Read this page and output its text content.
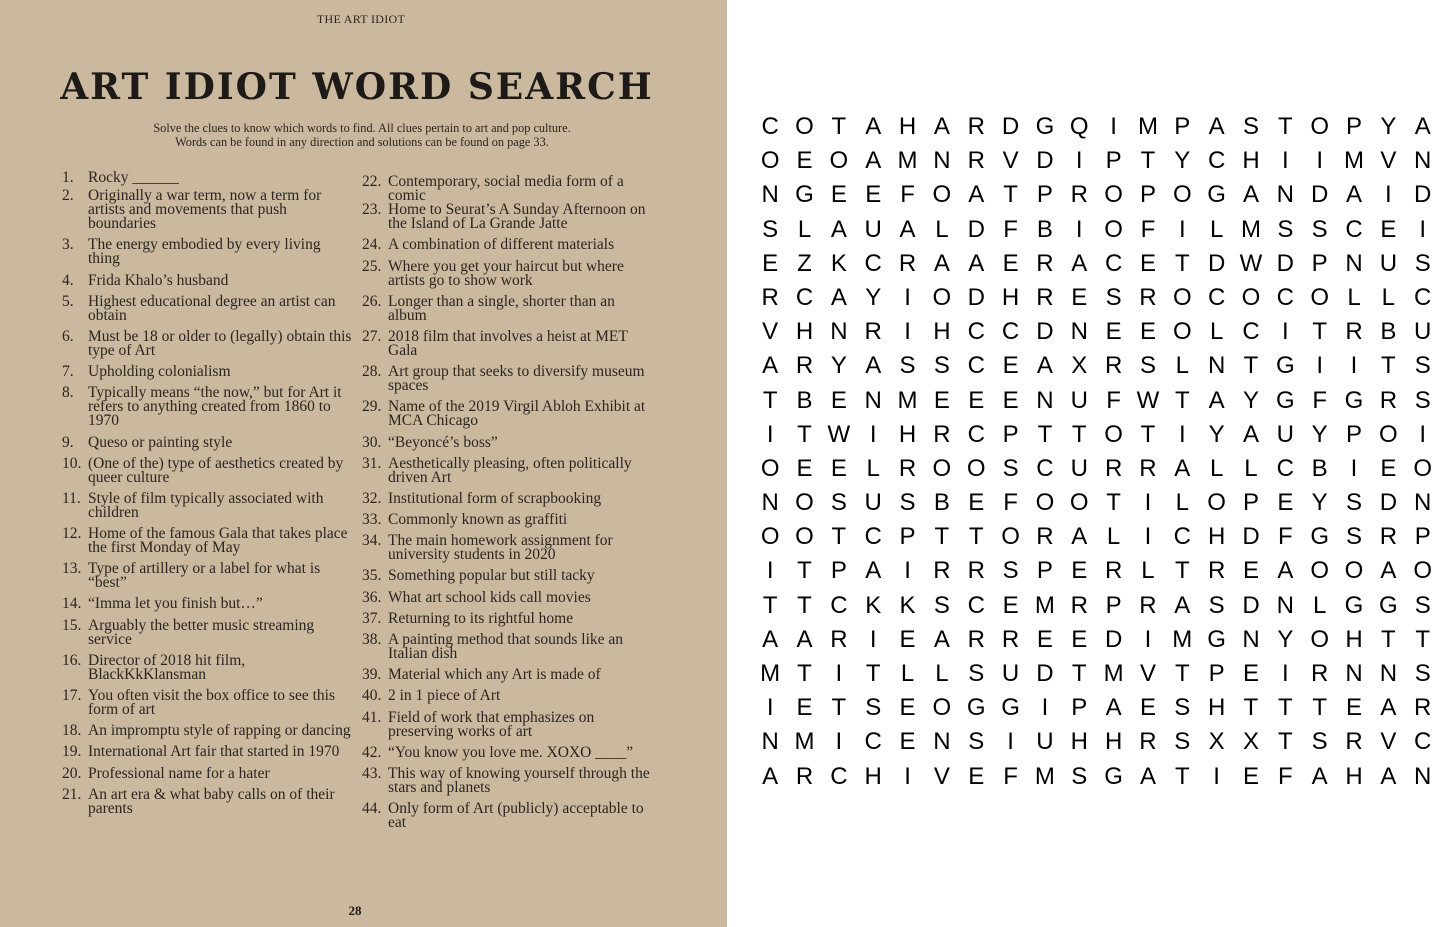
THE ART IDIOT
ART IDIOT WORD SEARCH
Solve the clues to know which words to find. All clues pertain to art and pop culture.
Words can be found in any direction and solutions can be found on page 33.
1. Rocky ______
2. Originally a war term, now a term for artists and movements that push boundaries
3. The energy embodied by every living thing
4. Frida Khalo’s husband
5. Highest educational degree an artist can obtain
6. Must be 18 or older to (legally) obtain this type of Art
7. Upholding colonialism
8. Typically means “the now,” but for Art it refers to anything created from 1860 to 1970
9. Queso or painting style
10. (One of the) type of aesthetics created by queer culture
11. Style of film typically associated with children
12. Home of the famous Gala that takes place the first Monday of May
13. Type of artillery or a label for what is “best”
14. “Imma let you finish but…”
15. Arguably the better music streaming service
16. Director of 2018 hit film, BlackKkKlansman
17. You often visit the box office to see this form of art
18. An impromptu style of rapping or dancing
19. International Art fair that started in 1970
20. Professional name for a hater
21. An art era & what baby calls on of their parents
22. Contemporary, social media form of a comic
23. Home to Seurat’s A Sunday Afternoon on the Island of La Grande Jatte
24. A combination of different materials
25. Where you get your haircut but where artists go to show work
26. Longer than a single, shorter than an album
27. 2018 film that involves a heist at MET Gala
28. Art group that seeks to diversify museum spaces
29. Name of the 2019 Virgil Abloh Exhibit at MCA Chicago
30. “Beyoncé’s boss”
31. Aesthetically pleasing, often politically driven Art
32. Institutional form of scrapbooking
33. Commonly known as graffiti
34. The main homework assignment for university students in 2020
35. Something popular but still tacky
36. What art school kids call movies
37. Returning to its rightful home
38. A painting method that sounds like an Italian dish
39. Material which any Art is made of
40. 2 in 1 piece of Art
41. Field of work that emphasizes on preserving works of art
42. “You know you love me. XOXO ____”
43. This way of knowing yourself through the stars and planets
44. Only form of Art (publicly) acceptable to eat
28
C O T A H A R D G Q I M P A S T O P Y A
O E O A M N R V D I P T Y C H I	I M V N
N G E E F O A T P R O P O G A N D A I D
S L A U A L D F B I O F I	L M S S C E I
E Z K C R A A E R A C E T D W D P N U S
R C A Y I O D H R E S R O C O C O L L C
V H N R I H C C D N E E O L C I T R B U
A R Y A S S C E A X R S L N T G I	I T S
T B E N M E E E N U F W T A Y G F G R S
I T W I H R C P T T O T I Y A U Y P O I
O E E L R O O S C U R R A L L C B I E O
N O S U S B E F O O T I	L O P E Y S D N
O O T C P T T O R A L	I C H D F G S R P
I T P A I R R S P E R L T R E A O O A O
T T C K K S C E M R P R A S D N L G G S
A A R I E A R R E E D I M G N Y O H T T
M T I T L L S U D T M V T P E I R N N S
I E T S E O G G I P A E S H T T T E A R
N M I C E N S I U H H R S X X T S R V C
A R C H I V E F M S G A T I E F A H A N
